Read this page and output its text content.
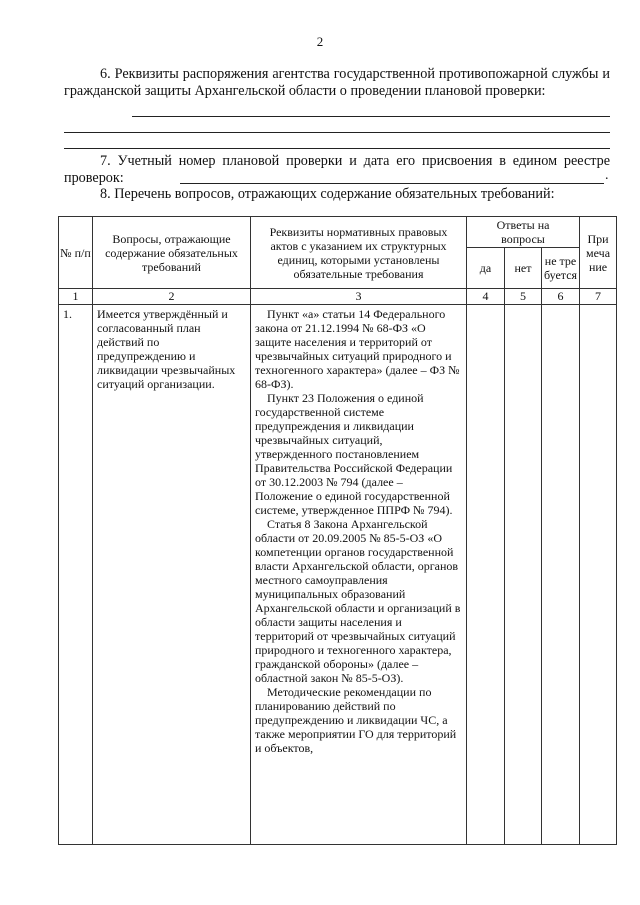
2
6. Реквизиты распоряжения агентства государственной противопожарной службы и гражданской защиты Архангельской области о проведении плановой проверки:
7. Учетный номер плановой проверки и дата его присвоения в едином реестре проверок:	.
8. Перечень вопросов, отражающих содержание обязательных требований:
№ п/п	Вопросы, отражающие содержание обязательных требований	Реквизиты нормативных правовых актов с указанием их структурных единиц, которыми установлены обязательные требования	Ответы на вопросы			При меча ние
			да	нет	не тре буется	
1	2	3	4	5	6	7
1.	Имеется утверждённый и согласованный план действий по предупреждению и ликвидации чрезвычайных ситуаций организации.	Пункт «а» статьи 14 Федерального закона от 21.12.1994 № 68-ФЗ «О защите населения и территорий от чрезвычайных ситуаций природного и техногенного характера» (далее – ФЗ № 68-ФЗ).

Пункт 23 Положения о единой государственной системе предупреждения и ликвидации чрезвычайных ситуаций, утвержденного постановлением Правительства Российской Федерации от 30.12.2003 № 794 (далее – Положение о единой государственной системе, утвержденное ППРФ № 794).

Статья 8 Закона Архангельской области от 20.09.2005 № 85-5-ОЗ «О компетенции органов государственной власти Архангельской области, органов местного самоуправления муниципальных образований Архангельской области и организаций в области защиты населения и территорий от чрезвычайных ситуаций природного и техногенного характера, гражданской обороны» (далее – областной закон № 85-5-ОЗ).

Методические рекомендации по планированию действий по предупреждению и ликвидации ЧС, а также мероприятии ГО для территорий и объектов,				
